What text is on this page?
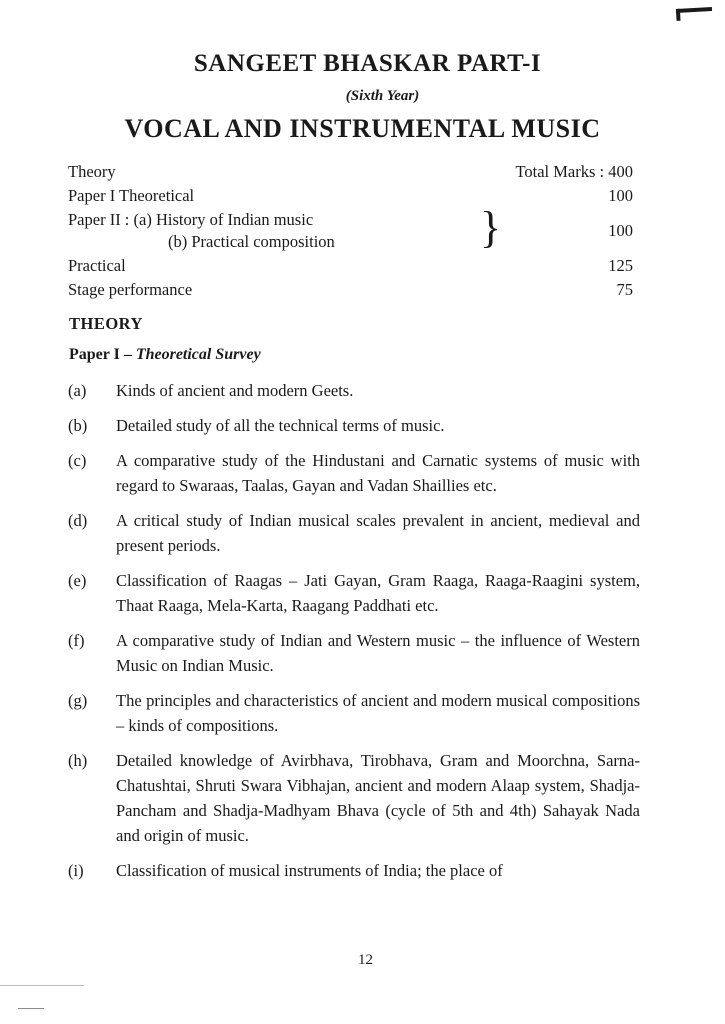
SANGEET BHASKAR PART-I
(Sixth Year)
VOCAL AND INSTRUMENTAL MUSIC
Theory	Total Marks : 400
Paper I Theoretical	100
Paper II : (a) History of Indian music
(b) Practical composition	}	100
Practical	125
Stage performance	75
THEORY
Paper I – Theoretical Survey
(a) Kinds of ancient and modern Geets.
(b) Detailed study of all the technical terms of music.
(c) A comparative study of the Hindustani and Carnatic systems of music with regard to Swaraas, Taalas, Gayan and Vadan Shaillies etc.
(d) A critical study of Indian musical scales prevalent in ancient, medieval and present periods.
(e) Classification of Raagas – Jati Gayan, Gram Raaga, Raaga-Raagini system, Thaat Raaga, Mela-Karta, Raagang Paddhati etc.
(f) A comparative study of Indian and Western music – the influence of Western Music on Indian Music.
(g) The principles and characteristics of ancient and modern musical compositions – kinds of compositions.
(h) Detailed knowledge of Avirbhava, Tirobhava, Gram and Moorchna, Sarna-Chatushtai, Shruti Swara Vibhajan, ancient and modern Alaap system, Shadja-Pancham and Shadja-Madhyam Bhava (cycle of 5th and 4th) Sahayak Nada and origin of music.
(i) Classification of musical instruments of India; the place of
12
